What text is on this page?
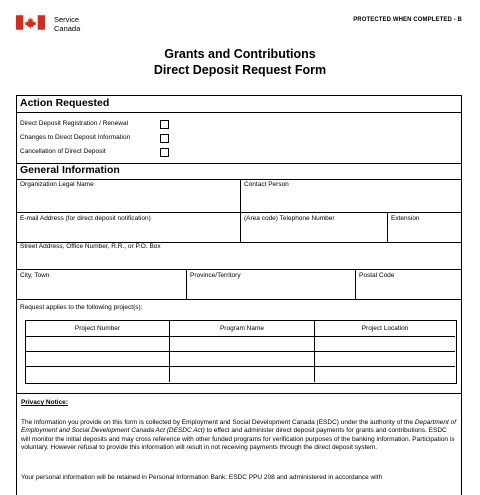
Service
Canada
PROTECTED WHEN COMPLETED - B
Grants and Contributions
Direct Deposit Request Form
Action Requested
Direct Deposit Registration / Renewal
Changes to Direct Deposit Information
Cancellation of Direct Deposit
General Information
Organization Legal Name	Contact Person
E-mail Address (for direct deposit notification)	(Area code) Telephone Number	Extension
Street Address, Office Number, R.R., or P.O. Box
City, Town	Province/Territory	Postal Code
Request applies to the following project(s):
Project Number	Program Name	Project Location
Privacy Notice:
The information you provide on this form is collected by Employment and Social Development Canada (ESDC) under the authority of the Department of Employment and Social Development Canada Act (DESDC Act) to effect and administer direct deposit payments for grants and contributions. ESDC will monitor the initial deposits and may cross reference with other funded programs for verification purposes of the banking information. Participation is voluntary. However refusal to provide this information will result in not receiving payments through the direct deposit system.
Your personal information will be retained in Personal Information Bank: ESDC PPU 208 and administered in accordance with
